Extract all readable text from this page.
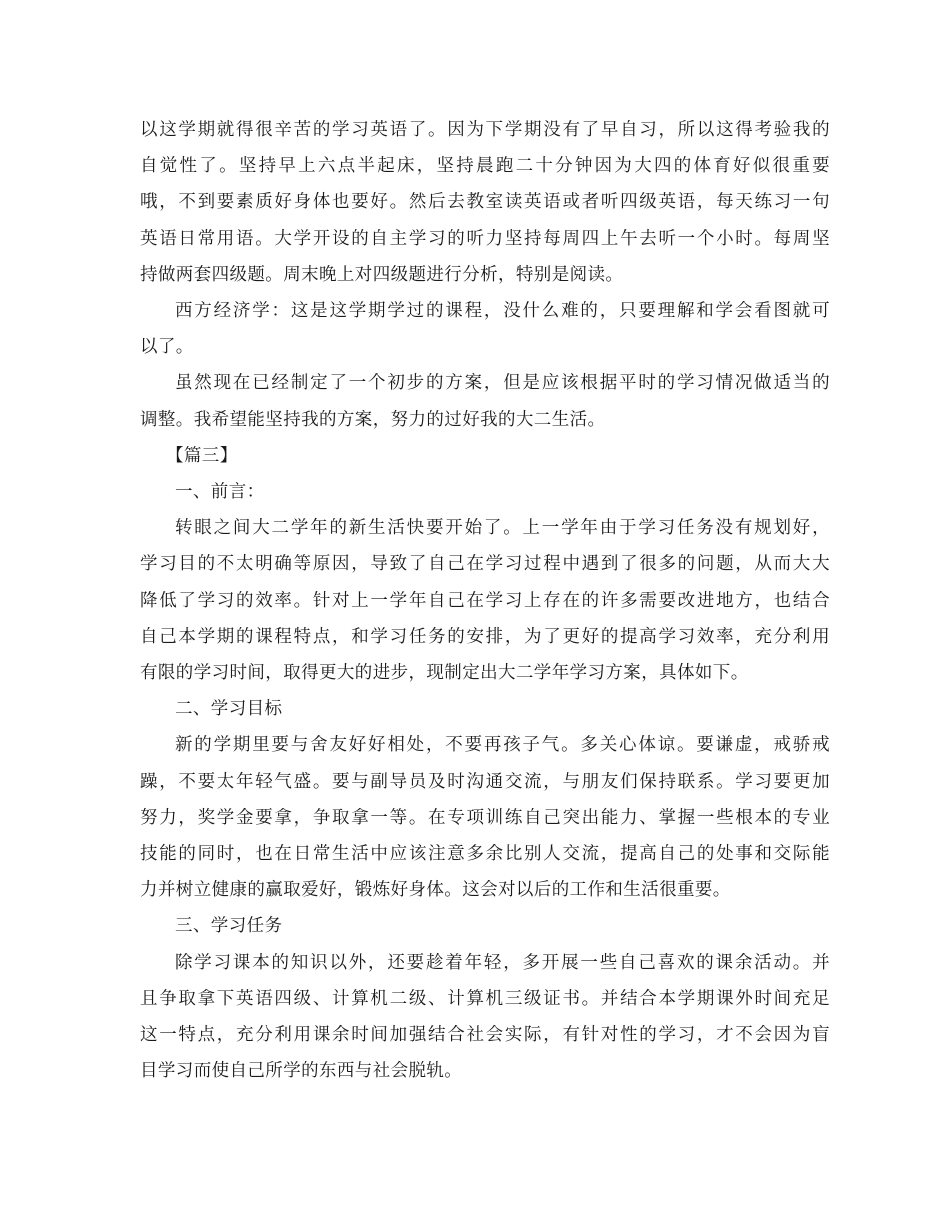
以这学期就得很辛苦的学习英语了。因为下学期没有了早自习，所以这得考验我的
自觉性了。坚持早上六点半起床，坚持晨跑二十分钟因为大四的体育好似很重要
哦，不到要素质好身体也要好。然后去教室读英语或者听四级英语，每天练习一句
英语日常用语。大学开设的自主学习的听力坚持每周四上午去听一个小时。每周坚
持做两套四级题。周末晚上对四级题进行分析，特别是阅读。
西方经济学：这是这学期学过的课程，没什么难的，只要理解和学会看图就可
以了。
虽然现在已经制定了一个初步的方案，但是应该根据平时的学习情况做适当的
调整。我希望能坚持我的方案，努力的过好我的大二生活。
【篇三】
一、前言：
转眼之间大二学年的新生活快要开始了。上一学年由于学习任务没有规划好，
学习目的不太明确等原因，导致了自己在学习过程中遇到了很多的问题，从而大大
降低了学习的效率。针对上一学年自己在学习上存在的许多需要改进地方，也结合
自己本学期的课程特点，和学习任务的安排，为了更好的提高学习效率，充分利用
有限的学习时间，取得更大的进步，现制定出大二学年学习方案，具体如下。
二、学习目标
新的学期里要与舍友好好相处，不要再孩子气。多关心体谅。要谦虚，戒骄戒
躁，不要太年轻气盛。要与副导员及时沟通交流，与朋友们保持联系。学习要更加
努力，奖学金要拿，争取拿一等。在专项训练自己突出能力、掌握一些根本的专业
技能的同时，也在日常生活中应该注意多余比别人交流，提高自己的处事和交际能
力并树立健康的赢取爱好，锻炼好身体。这会对以后的工作和生活很重要。
三、学习任务
除学习课本的知识以外，还要趁着年轻，多开展一些自己喜欢的课余活动。并
且争取拿下英语四级、计算机二级、计算机三级证书。并结合本学期课外时间充足
这一特点，充分利用课余时间加强结合社会实际，有针对性的学习，才不会因为盲
目学习而使自己所学的东西与社会脱轨。
